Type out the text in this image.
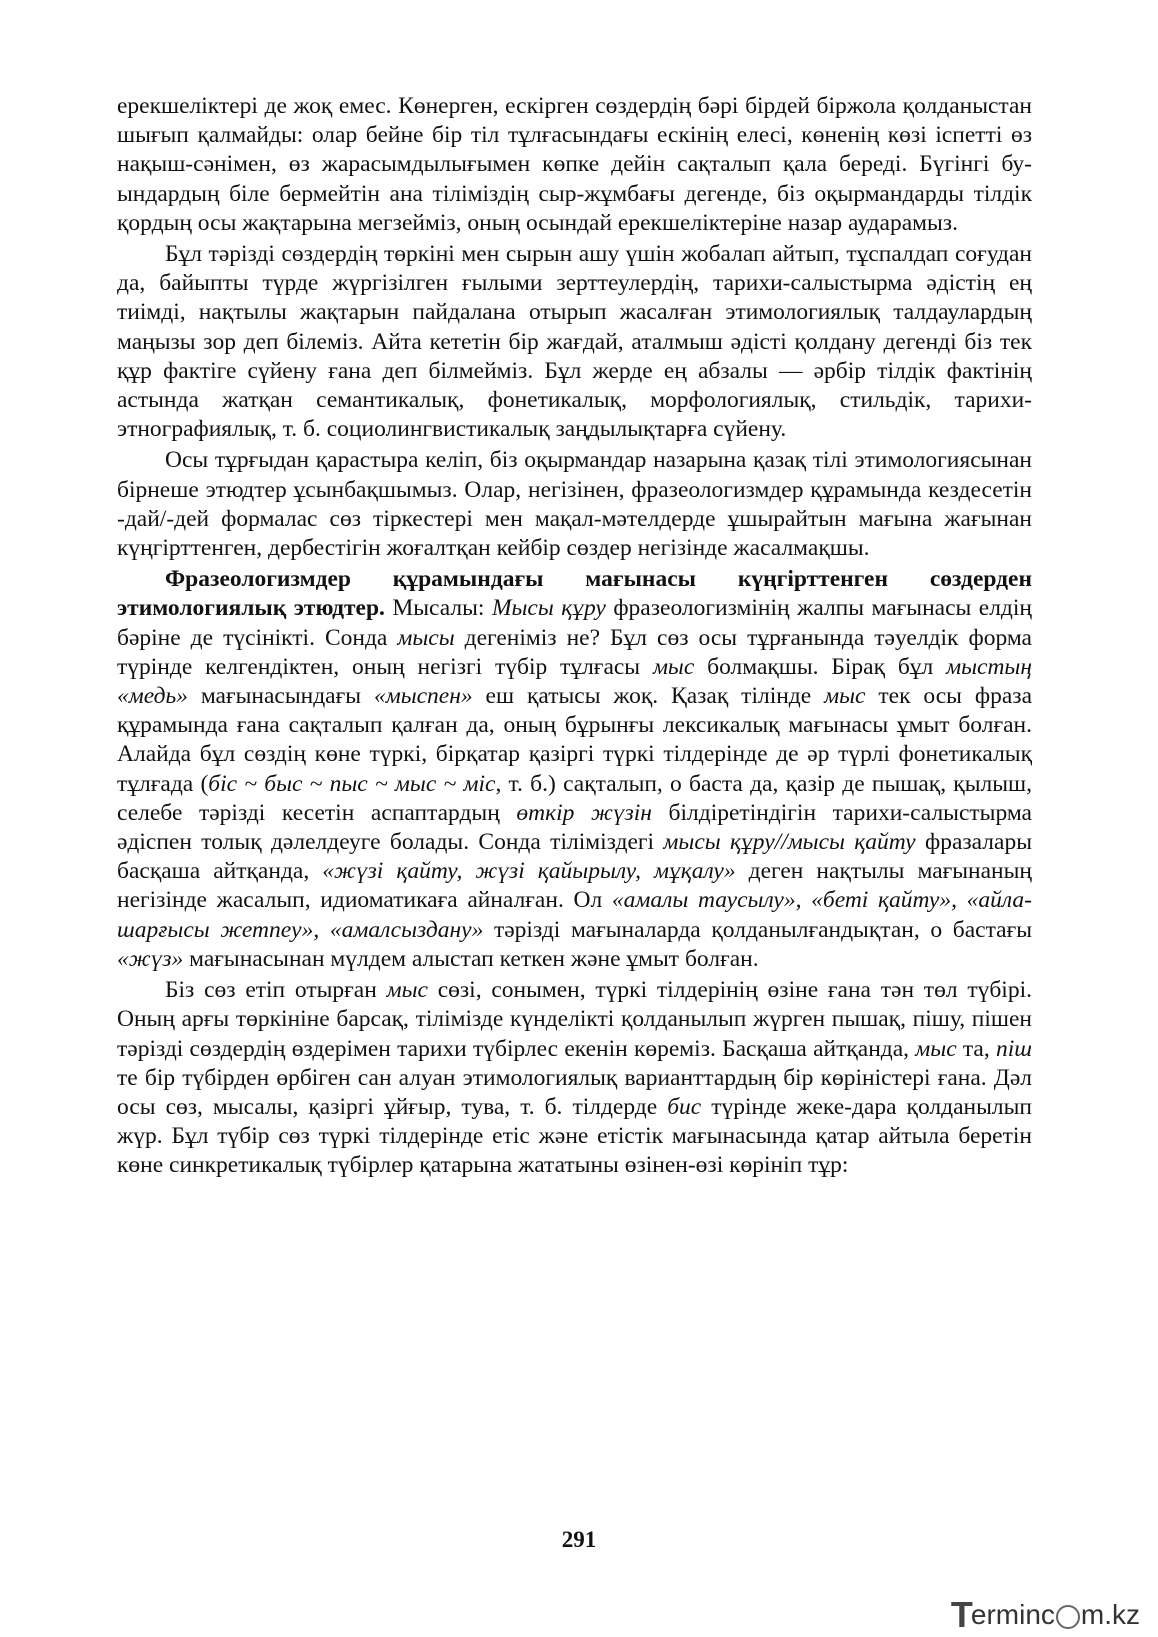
ерекшеліктері де жоқ емес. Көнерген, ескірген сөздердің бәрі бірдей біржола қолданыстан шығып қалмайды: олар бейне бір тіл тұлғасындағы ескінің елесі, көненің көзі іспетті өз нақыш-сәнімен, өз жарасымдылығымен көпке дейін сақталып қала береді. Бүгінгі буындардың біле бермейтін ана тіліміздің сыр-жұмбағы дегенде, біз оқырмандарды тілдік қордың осы жақтарына мегзейміз, оның осындай ерекшеліктеріне назар аударамыз.

Бұл тәрізді сөздердің төркіні мен сырын ашу үшін жобалап айтып, тұспалдап соғудан да, байыпты түрде жүргізілген ғылыми зерттеулердің, тарихи-салыстырма әдістің ең тиімді, нақтылы жақтарын пайдалана отырып жасалған этимологиялық талдаулардың маңызы зор деп білеміз. Айта кететін бір жағдай, аталмыш әдісті қолдану дегенді біз тек құр фактіге сүйену ғана деп білмейміз. Бұл жерде ең абзалы — әрбір тілдік фактінің астында жатқан семантикалық, фонетикалық, морфологиялық, стильдік, тарихи-этнографиялық, т. б. социолингвистикалық заңдылықтарға сүйену.

Осы тұрғыдан қарастыра келіп, біз оқырмандар назарына қазақ тілі этимологиясынан бірнеше этюдтер ұсынбақшымыз. Олар, негізінен, фразеологизмдер құрамында кездесетін -дай/-дей формалас сөз тіркестері мен мақал-мәтелдерде ұшырайтын мағына жағынан күңгірттенген, дербестігін жоғалтқан кейбір сөздер негізінде жасалмақшы.

Фразеологизмдер құрамындағы мағынасы күңгірттенген сөздерден этимологиялық этюдтер. Мысалы: Мысы құру фразеологизмінің жалпы мағынасы елдің бәріне де түсінікті. Сонда мысы дегеніміз не? Бұл сөз осы тұрғанында тәуелдік форма түрінде келгендіктен, оның негізгі түбір тұлғасы мыс болмақшы. Бірақ бұл мыстың «медь» мағынасындағы «мыспен» еш қатысы жоқ. Қазақ тілінде мыс тек осы фраза құрамында ғана сақталып қалған да, оның бұрынғы лексикалық мағынасы ұмыт болған. Алайда бұл сөздің көне түркі, бірқатар қазіргі түркі тілдерінде де әр түрлі фонетикалық тұлғада (біс ~ быс ~ пыс ~ мыс ~ міс, т. б.) сақталып, о баста да, қазір де пышақ, қылыш, селебе тәрізді кесетін аспаптардың өткір жүзін білдіретіндігін тарихи-салыстырма әдіспен толық дәлелдеуге болады. Сонда тіліміздегі мысы құру//мысы қайту фразалары басқаша айтқанда, «жүзі қайту, жүзі қайырылу, мұқалу» деген нақтылы мағынаның негізінде жасалып, идиоматикаға айналған. Ол «амалы таусылу», «беті қайту», «айла-шарғысы жетпеу», «амалсыздану» тәрізді мағыналарда қолданылғандықтан, о бастағы «жүз» мағынасынан мүлдем алыстап кеткен және ұмыт болған.

Біз сөз етіп отырған мыс сөзі, сонымен, түркі тілдерінің өзіне ғана тән төл түбірі. Оның арғы төркініне барсақ, тілімізде күнделікті қолданылып жүрген пышақ, пішу, пішен тәрізді сөздердің өздерімен тарихи түбірлес екенін көреміз. Басқаша айтқанда, мыс та, піш те бір түбірден өрбіген сан алуан этимологиялық варианттардың бір көріністері ғана. Дәл осы сөз, мысалы, қазіргі ұйғыр, тува, т. б. тілдерде бис түрінде жеке-дара қолданылып жүр. Бұл түбір сөз түркі тілдерінде етіс және етістік мағынасында қатар айтыла беретін көне синкретикалық түбірлер қатарына жататыны өзінен-өзі көрініп тұр:

291
T
ermin c m.kz
